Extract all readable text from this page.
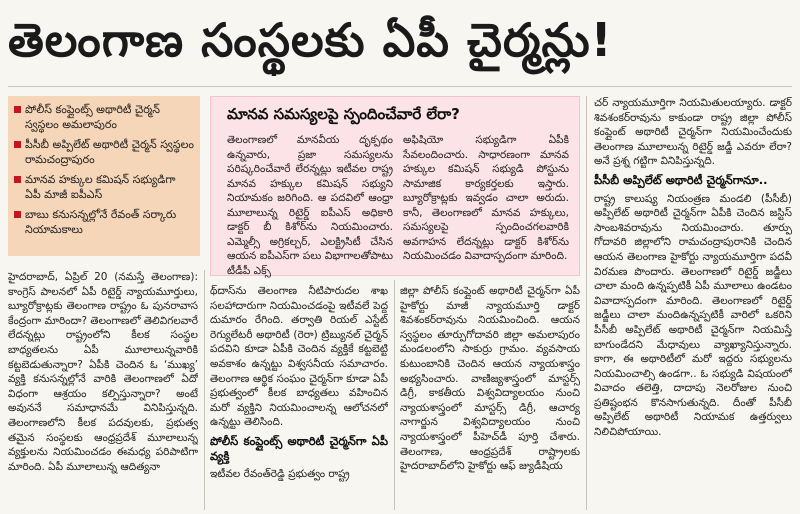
తెలంగాణ సంస్థలకు ఏపీ చైర్మన్లు!
పోలీస్ కంప్లైంట్స్ అథారిటీ చైర్మన్ స్వస్థలం అమలాపురం
పీసీబీ అప్పిలేట్ అథారిటీ చైర్మన్ స్వస్థలం రామచంద్రాపురం
మానవ హక్కుల కమిషన్ సభ్యుడిగా ఏపీ మాజీ ఐపీఎస్
బాబు కనుసన్నల్లోనే రేవంత్ సర్కారు నియామకాలు
మానవ సమస్యలపై స్పందించేవారే లేరా?
తెలంగాణలో మానవీయ దృక్పథం ఉన్నవారు, ప్రజా సమస్యలను పరిష్కరించేవారే లేరన్నట్లు ఇటీవల రాష్ట్ర మానవ హక్కుల కమిషన్ సభ్యుని నియామకం జరిగింది. ఆ పదవిలో ఆంధ్రా మూలాలున్న రిటైర్డ్ ఐపీఎస్ అధికారి డాక్టర్ బీ కిశోర్‌ను నియమించారు. ఎమ్మెల్సీ అగ్రికల్చర్, ఎలక్ట్రిసిటీ చేసిన ఆయన ఐపీఎస్‌గా పలు విభాగాలతోపాటు టీడీపీ ఎక్స్
అఫిషియో సభ్యుడిగా ఏపీకి సేవలందించారు. సాధారణంగా మానవ హక్కుల కమిషన్ సభ్యుడి పోస్టును సామాజిక కార్యకర్తలకు ఇస్తారు. బ్యూరోక్రాట్లకు ఇవ్వడం చాలా అరుదు. కానీ, తెలంగాణలో మానవ హక్కులు, సమస్యలపై స్పందించగలవారికి అవగాహన లేదన్నట్లు డాక్టర్ కిశోర్‌ను నియమించడం వివాదాస్పదంగా మారింది.

హైదరాబాద్, ఏప్రిల్ 20 (నమస్తే తెలంగాణ): కాంగ్రెస్ పాలనలో ఏపీ రిటైర్డ్ న్యాయమూర్తులు, బ్యూరోక్రాట్లకు తెలంగాణ రాష్ట్రం ఓ పునరావాస కేంద్రంగా మారిందా? తెలంగాణలో తెలివిగలవారే లేదన్నట్లు రాష్ట్రంలోని కీలక సంస్థల బాధ్యతలను ఏపీ మూలాలున్నవారికి కట్టబెడుతున్నారా? ఏపీకి చెందిన ఓ ‘ముఖ్య’ వ్యక్తి కనుసన్నల్లోనే వారికి తెలంగాణలో ఏదో విధంగా ఆశ్రయం కల్పిస్తున్నారా? అంటే అవుననే సమాధానమే వినిపిస్తున్నది. తెలంగాణలోని కీలక పదవులకు, ప్రభుత్వ తమైన సంస్థలకు ఆంధ్రప్రదేశ్ మూలాలున్న వ్యక్తులను నియమించడం ఈమధ్య పరిపాటిగా మారింది. ఏపీ మూలాలున్న ఆదిత్యనా

థ్‌దాస్‌ను తెలంగాణ నీటిపారుదల శాఖ సలహాదారుగా నియమించడంపై ఇటీవలే పెద్ద దుమారం రేగింది. తర్వాతి రియల్ ఎస్టేట్ రెగ్యులేటరీ అథారిటీ (రెరా) ట్రిబ్యునల్ చైర్మన్ పదవిని కూడా ఏపీకి చెందిన వ్యక్తికే కట్టబెట్టి అవకాశం ఉన్నట్టు విశ్వసనీయ సమాచారం. తెలంగాణ ఆర్థిక సంఘం చైర్మన్‌గా కూడా ఏపీ ప్రభుత్వంలో కీలక బాధ్యతలు వహించిన మరో వ్యక్తిని నియమించాలన్న ఆలోచనలో ఉన్నట్టు తెలిసింది.

పోలీస్ కంప్లైంట్స్ అథారిటీ చైర్మన్‌గా ఏపీ వ్యక్తి

ఇటీవల రేవంత్‌రెడ్డి ప్రభుత్వం రాష్ట్ర

జిల్లా పోలీస్ కంప్లైంట్ అథారిటీ చైర్మన్‌గా ఏపీ హైకోర్టు మాజీ న్యాయమూర్తి డాక్టర్ శివశంకర్‌రావును నియమించింది. ఆయన స్వస్థలం తూర్పుగోదావరి జిల్లా అమలాపురం మండలంలోని సాకుర్రు గ్రామం. వ్యవసాయ కుటుంబానికి చెందిన ఆయన న్యాయశాస్త్రం అభ్యసించారు. వాణిజ్యశాస్త్రంలో మాస్టర్స్ డిగ్రీ, కాకతీయ విశ్వవిద్యాలయం నుంచి న్యాయశాస్త్రంలో మాస్టర్స్ డిగ్రీ, ఆచార్య నాగార్జున విశ్వవిద్యాలయం నుంచి న్యాయశాస్త్రంలో పీహెచ్‌డీ పూర్తి చేశారు. తెలంగాణ, ఆంధ్రప్రదేశ్ రాష్ట్రాలకు హైదరాబాద్‌లోని హైకోర్టు ఆఫ్ జ్యుడీషియ

చర్ న్యాయమూర్తిగా నియమితులయ్యారు. డాక్టర్ శివశంకర్‌రావును కాకుండా రాష్ట్ర జిల్లా పోలీస్ కంప్లైంట్ అథారిటీ చైర్మన్‌గా నియమించేందుకు తెలంగాణ మూలాలున్న రిటైర్డ్ జడ్జీ ఎవరూ లేరా? అనే ప్రశ్న గట్టిగా వినిపిస్తున్నది.

పీసీబీ అప్పిలేట్ అథారిటీ చైర్మన్‌గానూ..

రాష్ట్ర కాలుష్య నియంత్రణ మండలి (పీసీబీ) అప్పిలేట్ అథారిటీ చైర్మన్‌గా ఏపీకి చెందిన జస్టిస్ సాంబశివరావును నియమించారు. తూర్పు గోదావరి జిల్లాలోని రామచంద్రాపురానికి చెందిన ఆయన తెలంగాణ హైకోర్టు న్యాయమూర్తిగా పదవీ విరమణ పొందారు. తెలంగాణలో రిటైర్డ్ జడ్జీలు చాలా మంది ఉన్నప్పటికీ ఏపీ మూలాలు ఉండటం వివాదాస్పదంగా మారింది. తెలంగాణలో రిటైర్డ్ జడ్జీలు చాలా మందిఉన్నప్పటికీ వారిలో ఒకరిని పీసీబీ అప్పిలేట్ అథారిటీ చైర్మన్‌గా నియమిస్తే బాగుండేదని మేధావులు వ్యాఖ్యానిస్తున్నారు. కాగా, ఈ అథారిటీలో మరో ఇద్దరు సభ్యులను నియమించాల్సి ఉండగా.. ఓ సభ్యుడి విషయంలో వివాదం తలెత్తి, దాదాపు నెలరోజుల నుంచి ప్రతిష్టంభన కొనసాగుతున్నది. దీంతో పీసీబీ అప్పిలేట్ అథారిటీ నియామక ఉత్తర్వులు నిలిచిపోయాయి.
